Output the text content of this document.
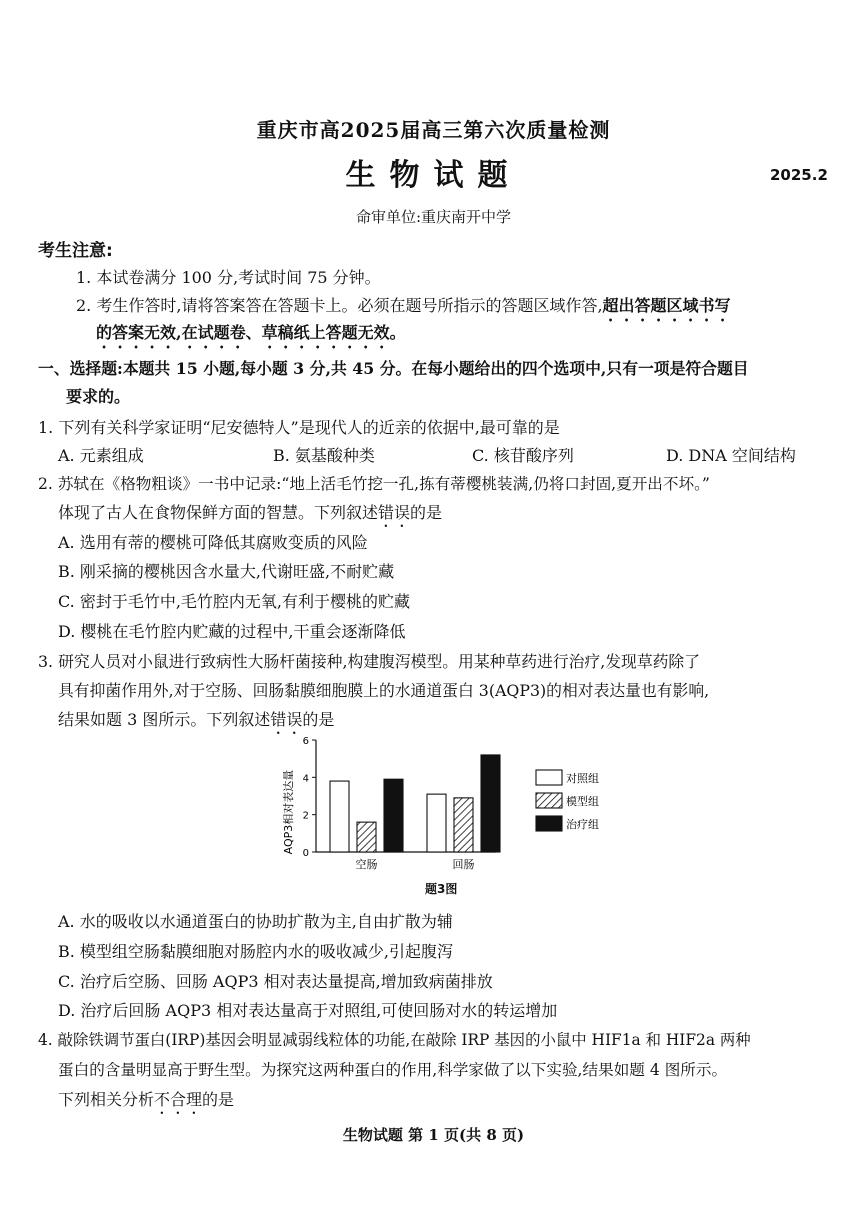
重庆市高2025届高三第六次质量检测
生物试题	2025.2
命审单位:重庆南开中学
考生注意:
1. 本试卷满分 100 分,考试时间 75 分钟。
2. 考生作答时,请将答案答在答题卡上。必须在题号所指示的答题区域作答,超出答题区域书写
的答案无效,在试题卷、草稿纸上答题无效。
一、选择题:本题共 15 小题,每小题 3 分,共 45 分。在每小题给出的四个选项中,只有一项是符合题目
要求的。
1. 下列有关科学家证明“尼安德特人”是现代人的近亲的依据中,最可靠的是
A. 元素组成	B. 氨基酸种类	C. 核苷酸序列	D. DNA 空间结构
2. 苏轼在《格物粗谈》一书中记录:“地上活毛竹挖一孔,拣有蒂樱桃装满,仍将口封固,夏开出不坏。”
体现了古人在食物保鲜方面的智慧。下列叙述错误的是
A. 选用有蒂的樱桃可降低其腐败变质的风险
B. 刚采摘的樱桃因含水量大,代谢旺盛,不耐贮藏
C. 密封于毛竹中,毛竹腔内无氧,有利于樱桃的贮藏
D. 樱桃在毛竹腔内贮藏的过程中,干重会逐渐降低
3. 研究人员对小鼠进行致病性大肠杆菌接种,构建腹泻模型。用某种草药进行治疗,发现草药除了
具有抑菌作用外,对于空肠、回肠黏膜细胞膜上的水通道蛋白 3(AQP3)的相对表达量也有影响,
结果如题 3 图所示。下列叙述错误的是
AQP3相对表达量 0
2
4
6
空肠	回肠
对照组
模型组
治疗组
题3图
A. 水的吸收以水通道蛋白的协助扩散为主,自由扩散为辅
B. 模型组空肠黏膜细胞对肠腔内水的吸收减少,引起腹泻
C. 治疗后空肠、回肠 AQP3 相对表达量提高,增加致病菌排放
D. 治疗后回肠 AQP3 相对表达量高于对照组,可使回肠对水的转运增加
4. 敲除铁调节蛋白(IRP)基因会明显减弱线粒体的功能,在敲除 IRP 基因的小鼠中 HIF1a 和 HIF2a 两种
蛋白的含量明显高于野生型。为探究这两种蛋白的作用,科学家做了以下实验,结果如题 4 图所示。
下列相关分析不合理的是
生物试题 第 1 页(共 8 页)
